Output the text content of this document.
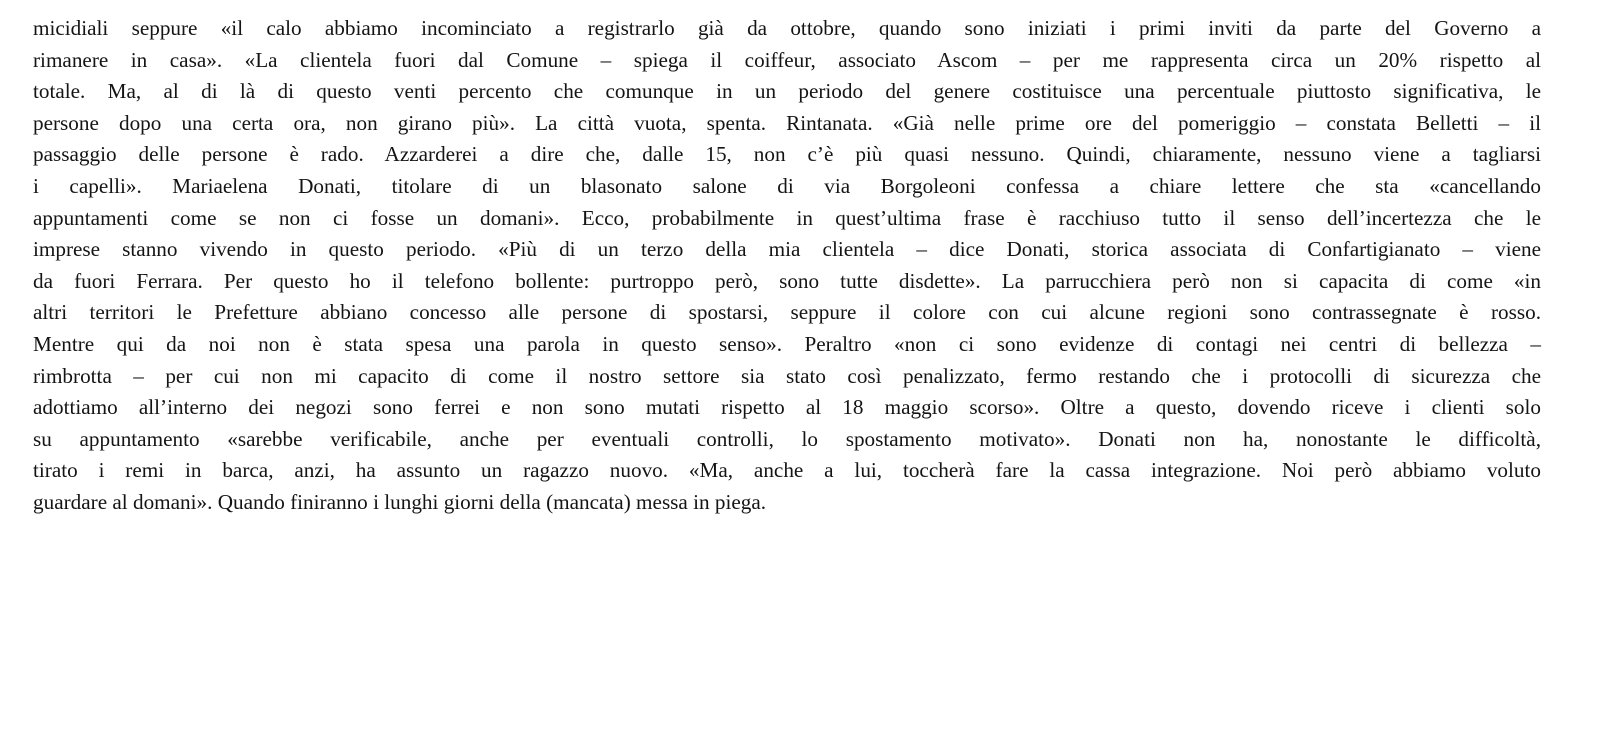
micidiali seppure «il calo abbiamo incominciato a registrarlo già da ottobre, quando sono iniziati i primi inviti da parte del Governo a
rimanere in casa». «La clientela fuori dal Comune – spiega il coiffeur, associato Ascom – per me rappresenta circa un 20% rispetto al
totale. Ma, al di là di questo venti percento che comunque in un periodo del genere costituisce una percentuale piuttosto significativa, le
persone dopo una certa ora, non girano più». La città vuota, spenta. Rintanata. «Già nelle prime ore del pomeriggio – constata Belletti – il
passaggio delle persone è rado. Azzarderei a dire che, dalle 15, non c’è più quasi nessuno. Quindi, chiaramente, nessuno viene a tagliarsi
i capelli». Mariaelena Donati, titolare di un blasonato salone di via Borgoleoni confessa a chiare lettere che sta «cancellando
appuntamenti come se non ci fosse un domani». Ecco, probabilmente in quest’ultima frase è racchiuso tutto il senso dell’incertezza che le
imprese stanno vivendo in questo periodo. «Più di un terzo della mia clientela – dice Donati, storica associata di Confartigianato – viene
da fuori Ferrara. Per questo ho il telefono bollente: purtroppo però, sono tutte disdette». La parrucchiera però non si capacita di come «in
altri territori le Prefetture abbiano concesso alle persone di spostarsi, seppure il colore con cui alcune regioni sono contrassegnate è rosso.
Mentre qui da noi non è stata spesa una parola in questo senso». Peraltro «non ci sono evidenze di contagi nei centri di bellezza –
rimbrotta – per cui non mi capacito di come il nostro settore sia stato così penalizzato, fermo restando che i protocolli di sicurezza che
adottiamo all’interno dei negozi sono ferrei e non sono mutati rispetto al 18 maggio scorso». Oltre a questo, dovendo riceve i clienti solo
su appuntamento «sarebbe verificabile, anche per eventuali controlli, lo spostamento motivato». Donati non ha, nonostante le difficoltà,
tirato i remi in barca, anzi, ha assunto un ragazzo nuovo. «Ma, anche a lui, toccherà fare la cassa integrazione. Noi però abbiamo voluto
guardare al domani». Quando finiranno i lunghi giorni della (mancata) messa in piega.
